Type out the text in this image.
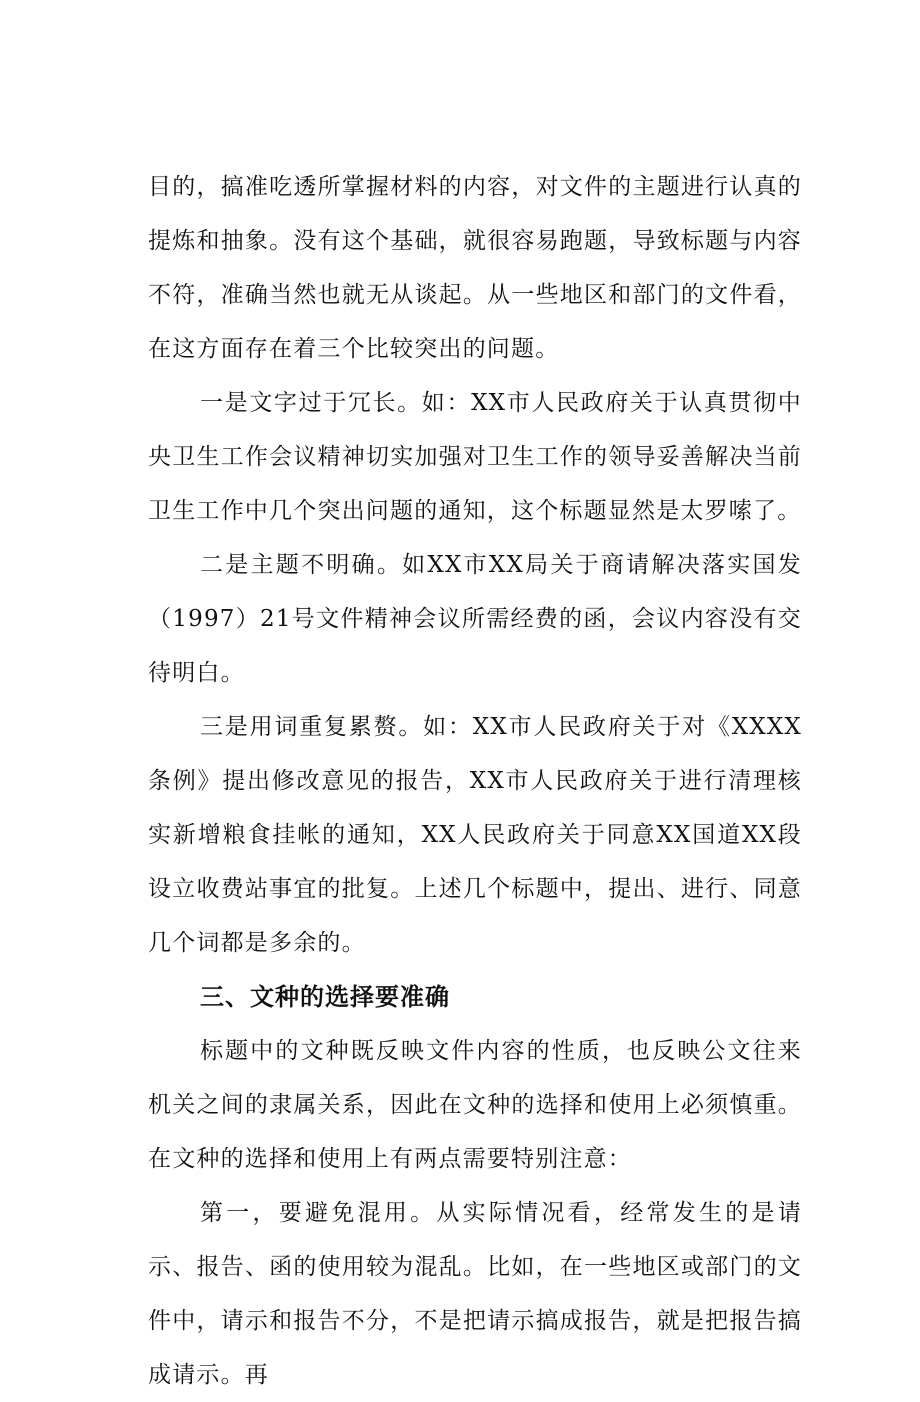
目的，搞准吃透所掌握材料的内容，对文件的主题进行认真的提炼和抽象。没有这个基础，就很容易跑题，导致标题与内容不符，准确当然也就无从谈起。从一些地区和部门的文件看，在这方面存在着三个比较突出的问题。

一是文字过于冗长。如：XX市人民政府关于认真贯彻中央卫生工作会议精神切实加强对卫生工作的领导妥善解决当前卫生工作中几个突出问题的通知，这个标题显然是太罗嗦了。

二是主题不明确。如XX市XX局关于商请解决落实国发（1997）21号文件精神会议所需经费的函，会议内容没有交待明白。

三是用词重复累赘。如：XX市人民政府关于对《XXXX条例》提出修改意见的报告，XX市人民政府关于进行清理核实新增粮食挂帐的通知，XX人民政府关于同意XX国道XX段设立收费站事宜的批复。上述几个标题中，提出、进行、同意几个词都是多余的。

三、文种的选择要准确

标题中的文种既反映文件内容的性质，也反映公文往来机关之间的隶属关系，因此在文种的选择和使用上必须慎重。在文种的选择和使用上有两点需要特别注意：

第一，要避免混用。从实际情况看，经常发生的是请示、报告、函的使用较为混乱。比如，在一些地区或部门的文件中，请示和报告不分，不是把请示搞成报告，就是把报告搞成请示。再
